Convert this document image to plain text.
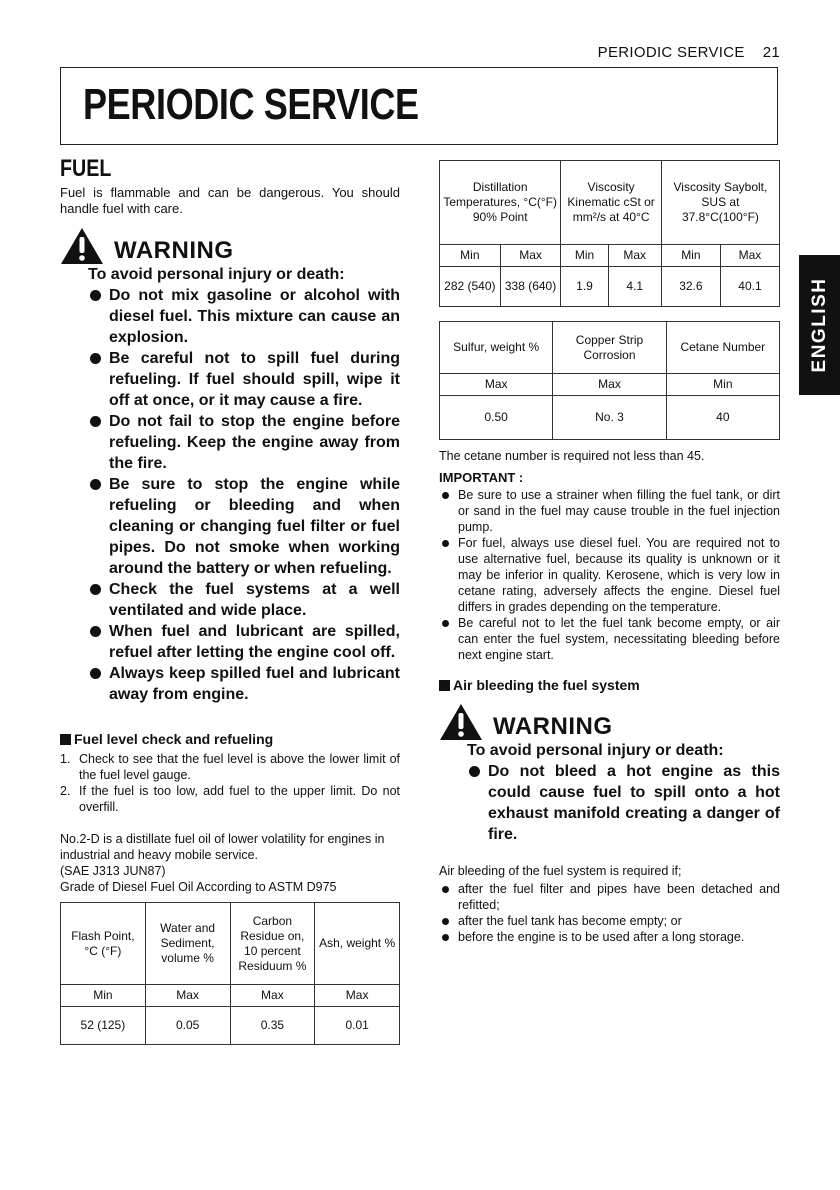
PERIODIC SERVICE 21
PERIODIC SERVICE
ENGLISH
FUEL

Fuel is flammable and can be dangerous. You should handle fuel with care.

WARNING
To avoid personal injury or death:
Do not mix gasoline or alcohol with diesel fuel. This mixture can cause an explosion.
Be careful not to spill fuel during refueling. If fuel should spill, wipe it off at once, or it may cause a fire.
Do not fail to stop the engine before refueling. Keep the engine away from the fire.
Be sure to stop the engine while refueling or bleeding and when cleaning or changing fuel filter or fuel pipes. Do not smoke when working around the battery or when refueling.
Check the fuel systems at a well ventilated and wide place.
When fuel and lubricant are spilled, refuel after letting the engine cool off.
Always keep spilled fuel and lubricant away from engine.
Fuel level check and refueling
1. Check to see that the fuel level is above the lower limit of the fuel level gauge.
2. If the fuel is too low, add fuel to the upper limit. Do not overfill.

No.2-D is a distillate fuel oil of lower volatility for engines in industrial and heavy mobile service.

(SAE J313 JUN87)

Grade of Diesel Fuel Oil According to ASTM D975

Flash Point, °C (°F)	Water and Sediment, volume %	Carbon Residue on, 10 percent Residuum %	Ash, weight %
Min	Max	Max	Max
52 (125)	0.05	0.35	0.01
Distillation Temperatures, °C(°F) 90% Point		Viscosity Kinematic cSt or mm²/s at 40°C		Viscosity Saybolt, SUS at 37.8°C(100°F)	
Min	Max	Min	Max	Min	Max
282 (540)	338 (640)	1.9	4.1	32.6	40.1
Sulfur, weight %	Copper Strip Corrosion	Cetane Number
Max	Max	Min
0.50	No. 3	40

The cetane number is required not less than 45.

IMPORTANT :
Be sure to use a strainer when filling the fuel tank, or dirt or sand in the fuel may cause trouble in the fuel injection pump.
For fuel, always use diesel fuel. You are required not to use alternative fuel, because its quality is unknown or it may be inferior in quality. Kerosene, which is very low in cetane rating, adversely affects the engine. Diesel fuel differs in grades depending on the temperature.
Be careful not to let the fuel tank become empty, or air can enter the fuel system, necessitating bleeding before next engine start.
Air bleeding the fuel system
WARNING
To avoid personal injury or death:
Do not bleed a hot engine as this could cause fuel to spill onto a hot exhaust manifold creating a danger of fire.

Air bleeding of the fuel system is required if;

after the fuel filter and pipes have been detached and refitted;
after the fuel tank has become empty; or
before the engine is to be used after a long storage.
